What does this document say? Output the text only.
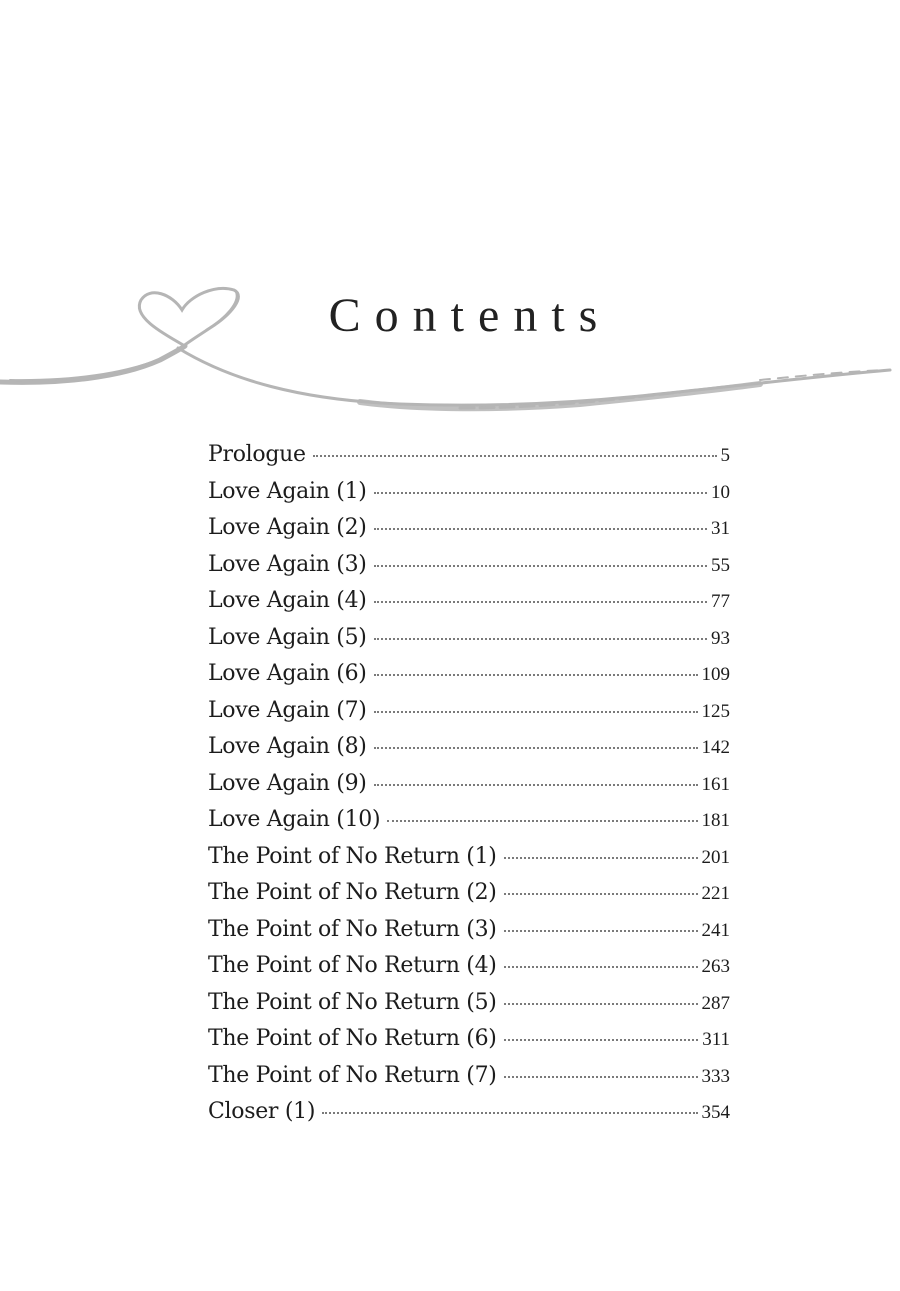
Contents
Prologue	5
Love Again (1)	10
Love Again (2)	31
Love Again (3)	55
Love Again (4)	77
Love Again (5)	93
Love Again (6)	109
Love Again (7)	125
Love Again (8)	142
Love Again (9)	161
Love Again (10)	181
The Point of No Return (1)	201
The Point of No Return (2)	221
The Point of No Return (3)	241
The Point of No Return (4)	263
The Point of No Return (5)	287
The Point of No Return (6)	311
The Point of No Return (7)	333
Closer (1)	354
